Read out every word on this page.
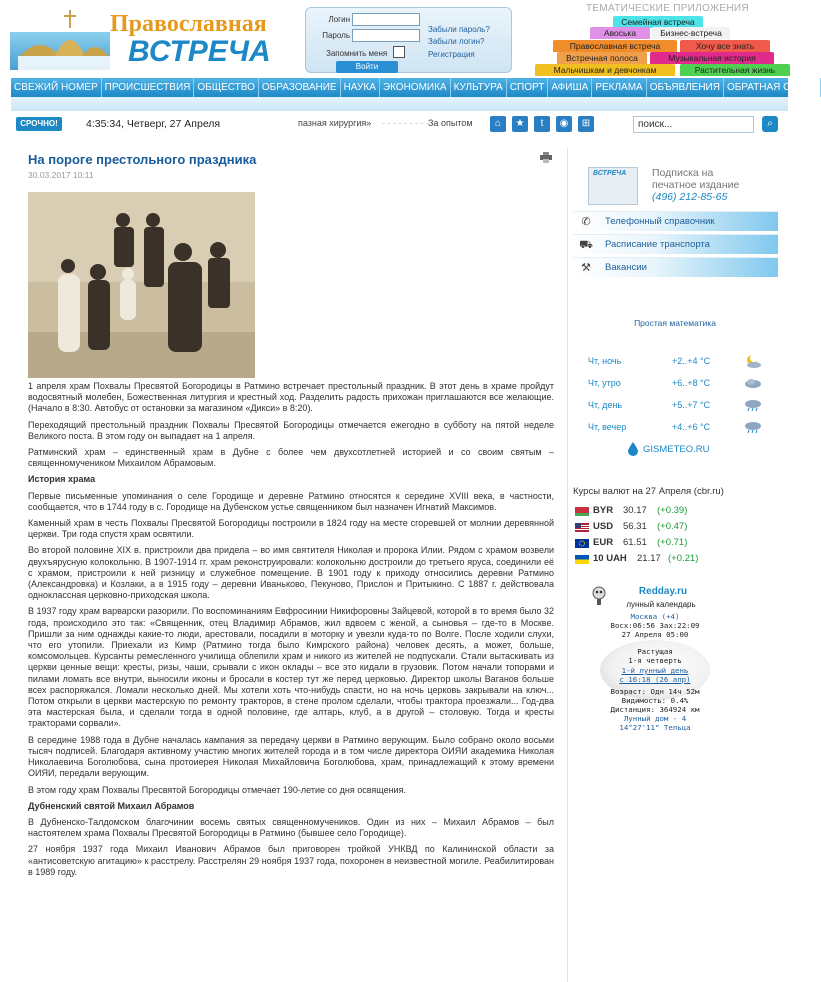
Православная
ВСТРЕЧА
Логин
Пароль
Запомнить меня
Войти
Забыли пароль?
Забыли логин?
Регистрация
ТЕМАТИЧЕСКИЕ ПРИЛОЖЕНИЯ
Семейная встреча
Авоська	Бизнес-встреча
Православная встреча	Хочу все знать
Встречная полоса	Музыкальная история
Мальчишкам и девчонкам	Растительная жизнь
СВЕЖИЙ НОМЕР ПРОИСШЕСТВИЯ ОБЩЕСТВО ОБРАЗОВАНИЕ НАУКА ЭКОНОМИКА КУЛЬТУРА СПОРТ АФИША РЕКЛАМА ОБЪЯВЛЕНИЯ ОБРАТНАЯ СВЯЗЬ
СРОЧНО!	4:35:34, Четверг, 27 Апреля	пазная хирургия» - - - - - - - - - За опытом	⌂	★	t	◉	⊞	поиск...	⌕
На пороге престольного праздника
30.03.2017 10:11

1 апреля храм Похвалы Пресвятой Богородицы в Ратмино встречает престольный праздник. В этот день в храме пройдут водосвятный молебен, Божественная литургия и крестный ход. Разделить радость прихожан приглашаются все желающие. (Начало в 8:30. Автобус от остановки за магазином «Дикси» в 8:20).

Переходящий престольный праздник Похвалы Пресвятой Богородицы отмечается ежегодно в субботу на пятой неделе Великого поста. В этом году он выпадает на 1 апреля.

Ратминский храм – единственный храм в Дубне с более чем двухсотлетней историей и со своим святым – священномучеником Михаилом Абрамовым.

История храма

Первые письменные упоминания о селе Городище и деревне Ратмино относятся к середине XVIII века, в частности, сообщается, что в 1744 году в с. Городище на Дубенском устье священником был назначен Игнатий Максимов.

Каменный храм в честь Похвалы Пресвятой Богородицы построили в 1824 году на месте сгоревшей от молнии деревянной церкви. Три года спустя храм освятили.

Во второй половине XIX в. пристроили два придела – во имя святителя Николая и пророка Илии. Рядом с храмом возвели двухъярусную колокольню. В 1907-1914 гг. храм реконструировали: колокольню достроили до третьего яруса, соединили её с храмом, пристроили к ней ризницу и служебное помещение. В 1901 году к приходу относились деревни Ратмино (Александровка) и Козлаки, а в 1915 году – деревни Иваньково, Пекуново, Прислон и Притыкино. С 1887 г. действовала одноклассная церковно-приходская школа.

В 1937 году храм варварски разорили. По воспоминаниям Евфросинии Никифоровны Зайцевой, которой в то время было 32 года, происходило это так: «Священник, отец Владимир Абрамов, жил вдвоем с женой, а сыновья – где-то в Москве. Пришли за ним однажды какие-то люди, арестовали, посадили в моторку и увезли куда-то по Волге. После ходили слухи, что его утопили. Приехали из Кимр (Ратмино тогда было Кимрского района) человек десять, а может, больше, комсомольцев. Курсанты ремесленного училища облепили храм и никого из жителей не подпускали. Стали вытаскивать из церкви ценные вещи: кресты, ризы, чаши, срывали с икон оклады – все это кидали в грузовик. Потом начали топорами и пилами ломать все внутри, выносили иконы и бросали в костер тут же перед церковью. Директор школы Ваганов больше всех распоряжался. Ломали несколько дней. Мы хотели хоть что-нибудь спасти, но на ночь церковь закрывали на ключ... Потом открыли в церкви мастерскую по ремонту тракторов, в стене пролом сделали, чтобы трактора проезжали... Год-два эта мастерская была, и сделали тогда в одной половине, где алтарь, клуб, а в другой – столовую. Тогда и кресты тракторами сорвали».

В середине 1988 года в Дубне началась кампания за передачу церкви в Ратмино верующим. Было собрано около восьми тысяч подписей. Благодаря активному участию многих жителей города и в том числе директора ОИЯИ академика Николая Николаевича Боголюбова, сына протоиерея Николая Михайловича Боголюбова, храм, принадлежащий к этому времени ОИЯИ, передали верующим.

В этом году храм Похвалы Пресвятой Богородицы отмечает 190-летие со дня освящения.

Дубненский святой Михаил Абрамов

В Дубненско-Талдомском благочинии восемь святых священномучеников. Один из них – Михаил Абрамов – был настоятелем храма Похвалы Пресвятой Богородицы в Ратмино (бывшее село Городище).

27 ноября 1937 года Михаил Иванович Абрамов был приговорен тройкой УНКВД по Калининской области за «антисоветскую агитацию» к расстрелу. Расстрелян 29 ноября 1937 года, похоронен в неизвестной могиле. Реабилитирован в 1989 году.

ВСТРЕЧА Подписка на
печатное издание
(496) 212-85-65
✆ Телефонный справочник
⛟ Расписание транспорта
⚒ Вакансии
Простая математика
Чт, ночь	+2..+4 °C
Чт, утро	+6..+8 °C
Чт, день	+5..+7 °C
Чт, вечер	+4..+6 °C
GISMETEO.RU
Курсы валют на 27 Апреля (cbr.ru)
BYR 30.17 (+0.39)
USD 56.31 (+0.47)
EUR 61.51 (+0.71)
10 UAH 21.17 (+0.21)
Redday.ru
лунный календарь
Москва (+4)
Восх:06:56 Зах:22:09
27 Апреля 05:00
Растущая
1-я четверть
1-й лунный день
с 16:18 (26 апр)
Возраст: Одн 14ч 52м
Видимость: 0.4%
Дистанция: 364924 км
Лунный дом - 4
14°27'11" Тельца
